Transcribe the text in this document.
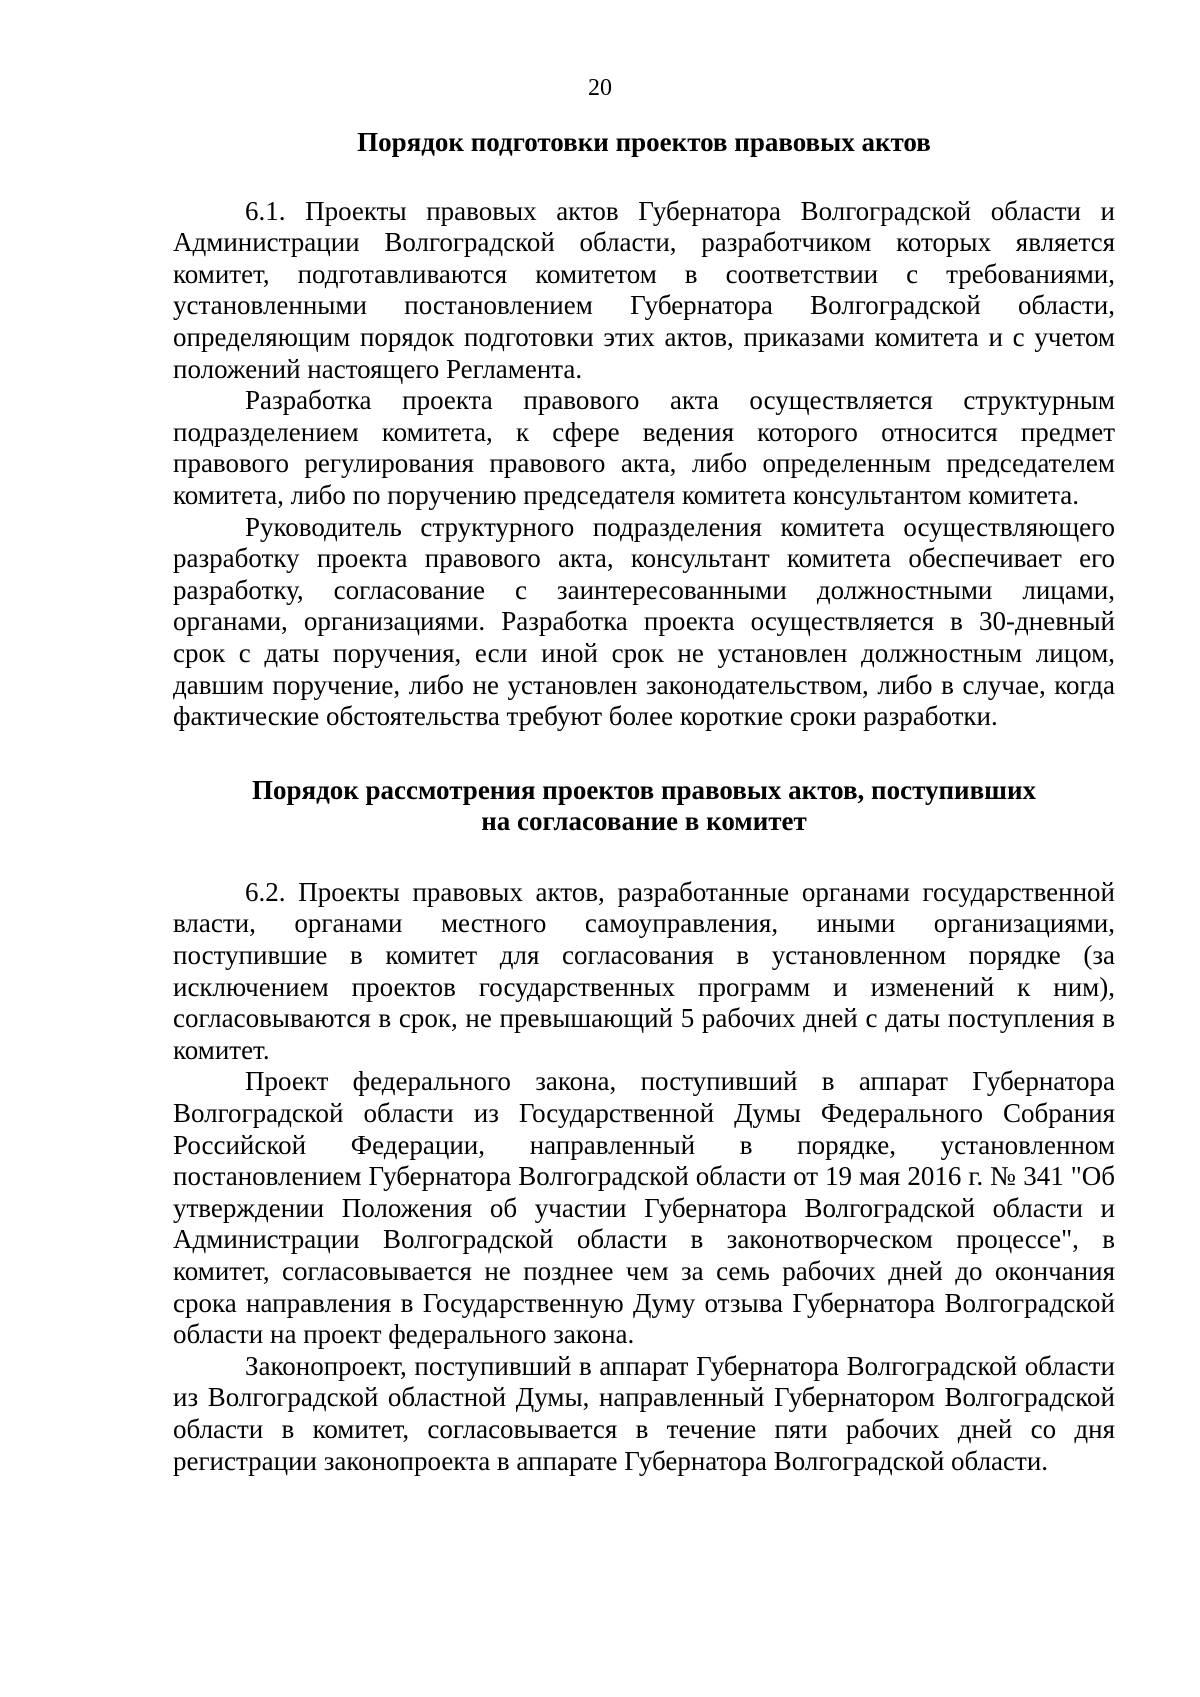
20
Порядок подготовки проектов правовых актов

6.1. Проекты правовых актов Губернатора Волгоградской области и Администрации Волгоградской области, разработчиком которых является комитет, подготавливаются комитетом в соответствии с требованиями, установленными постановлением Губернатора Волгоградской области, определяющим порядок подготовки этих актов, приказами комитета и с учетом положений настоящего Регламента.

Разработка проекта правового акта осуществляется структурным подразделением комитета, к сфере ведения которого относится предмет правового регулирования правового акта, либо определенным председателем комитета, либо по поручению председателя комитета консультантом комитета.

Руководитель структурного подразделения комитета осуществляющего разработку проекта правового акта, консультант комитета обеспечивает его разработку, согласование с заинтересованными должностными лицами, органами, организациями. Разработка проекта осуществляется в 30-дневный срок с даты поручения, если иной срок не установлен должностным лицом, давшим поручение, либо не установлен законодательством, либо в случае, когда фактические обстоятельства требуют более короткие сроки разработки.

Порядок рассмотрения проектов правовых актов, поступивших
на согласование в комитет

6.2. Проекты правовых актов, разработанные органами государственной власти, органами местного самоуправления, иными организациями, поступившие в комитет для согласования в установленном порядке (за исключением проектов государственных программ и изменений к ним), согласовываются в срок, не превышающий 5 рабочих дней с даты поступления в комитет.

Проект федерального закона, поступивший в аппарат Губернатора Волгоградской области из Государственной Думы Федерального Собрания Российской Федерации, направленный в порядке, установленном постановлением Губернатора Волгоградской области от 19 мая 2016 г. № 341 "Об утверждении Положения об участии Губернатора Волгоградской области и Администрации Волгоградской области в законотворческом процессе", в комитет, согласовывается не позднее чем за семь рабочих дней до окончания срока направления в Государственную Думу отзыва Губернатора Волгоградской области на проект федерального закона.

Законопроект, поступивший в аппарат Губернатора Волгоградской области из Волгоградской областной Думы, направленный Губернатором Волгоградской области в комитет, согласовывается в течение пяти рабочих дней со дня регистрации законопроекта в аппарате Губернатора Волгоградской области.
